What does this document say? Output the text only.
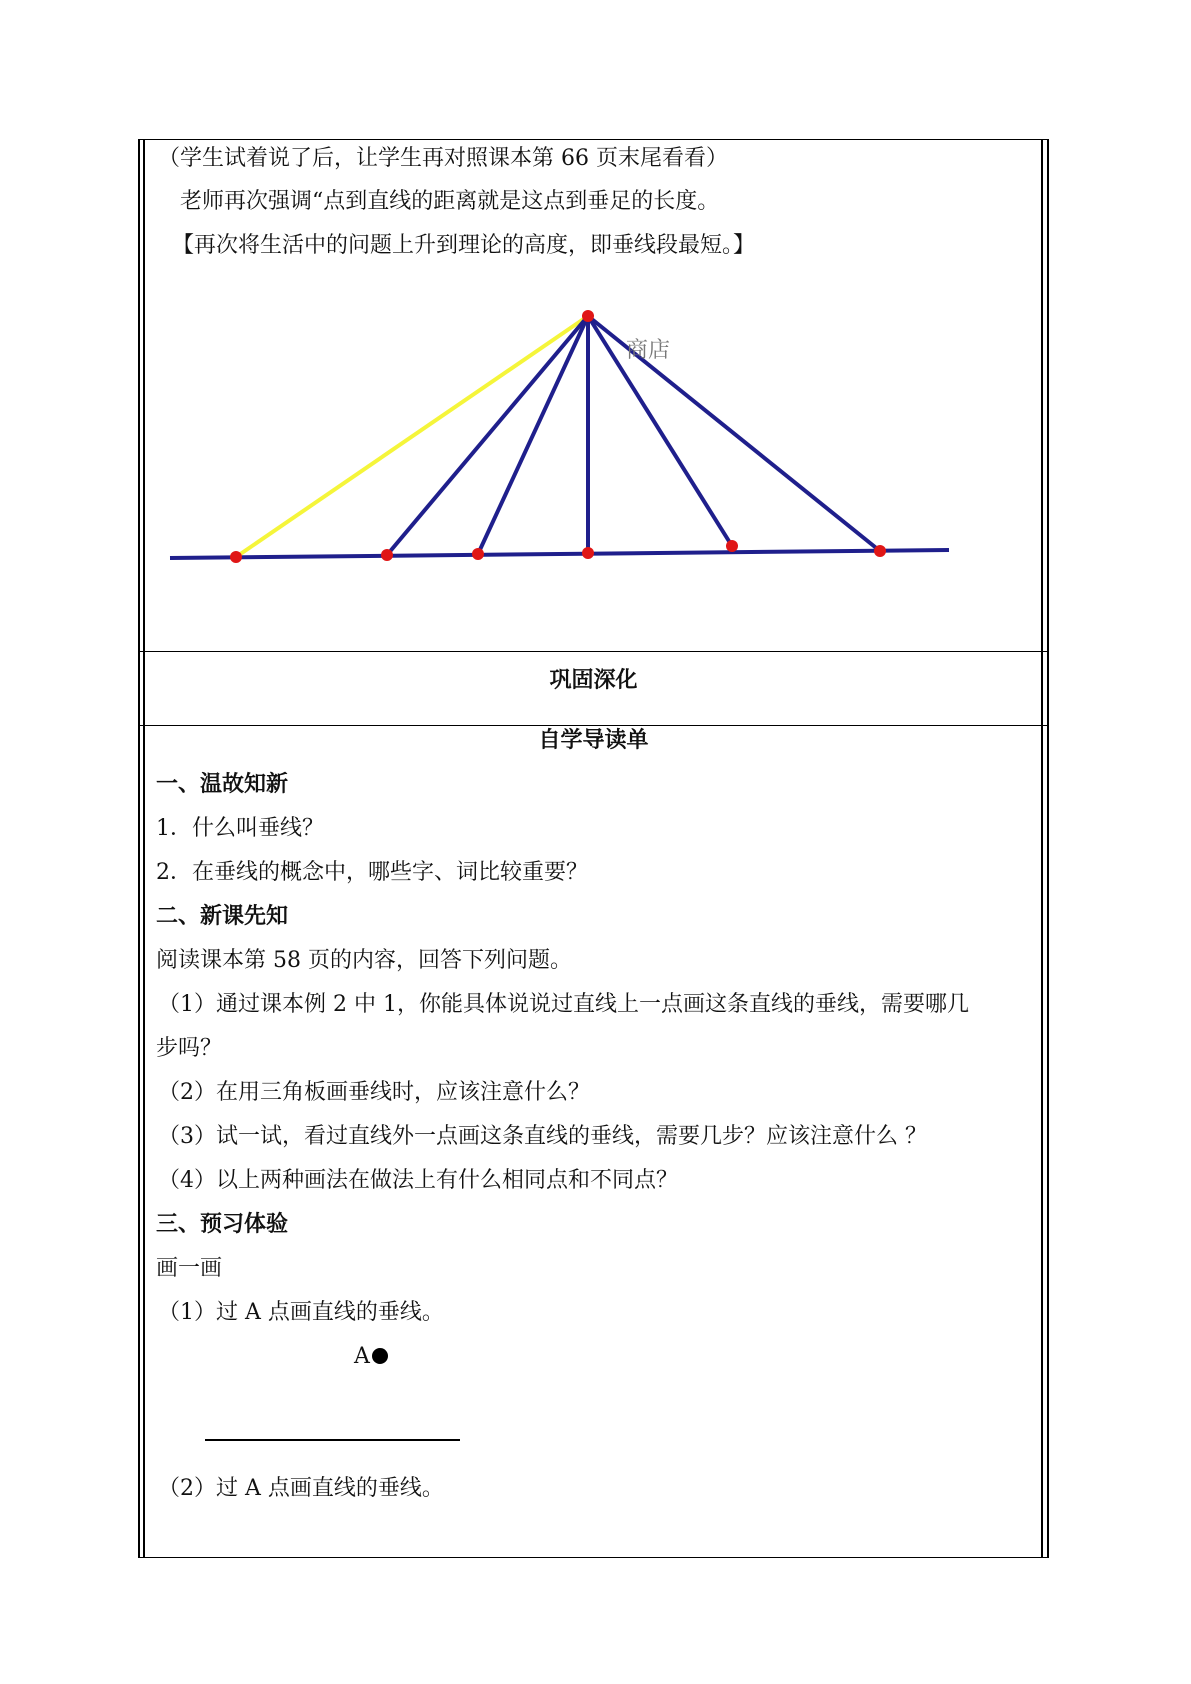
（学生试着说了后，让学生再对照课本第 66 页末尾看看）
老师再次强调“点到直线的距离就是这点到垂足的长度。
【再次将生活中的问题上升到理论的高度，即垂线段最短。】
商店
巩固深化
自学导读单
一、温故知新
1．什么叫垂线？
2．在垂线的概念中，哪些字、词比较重要？
二、新课先知
阅读课本第 58 页的内容，回答下列问题。
（1）通过课本例 2 中 1，你能具体说说过直线上一点画这条直线的垂线，需要哪几
步吗？
（2）在用三角板画垂线时，应该注意什么？
（3）试一试，看过直线外一点画这条直线的垂线，需要几步？应该注意什么 ？
（4）以上两种画法在做法上有什么相同点和不同点？
三、预习体验
画一画
（1）过 A 点画直线的垂线。
A
（2）过 A 点画直线的垂线。
